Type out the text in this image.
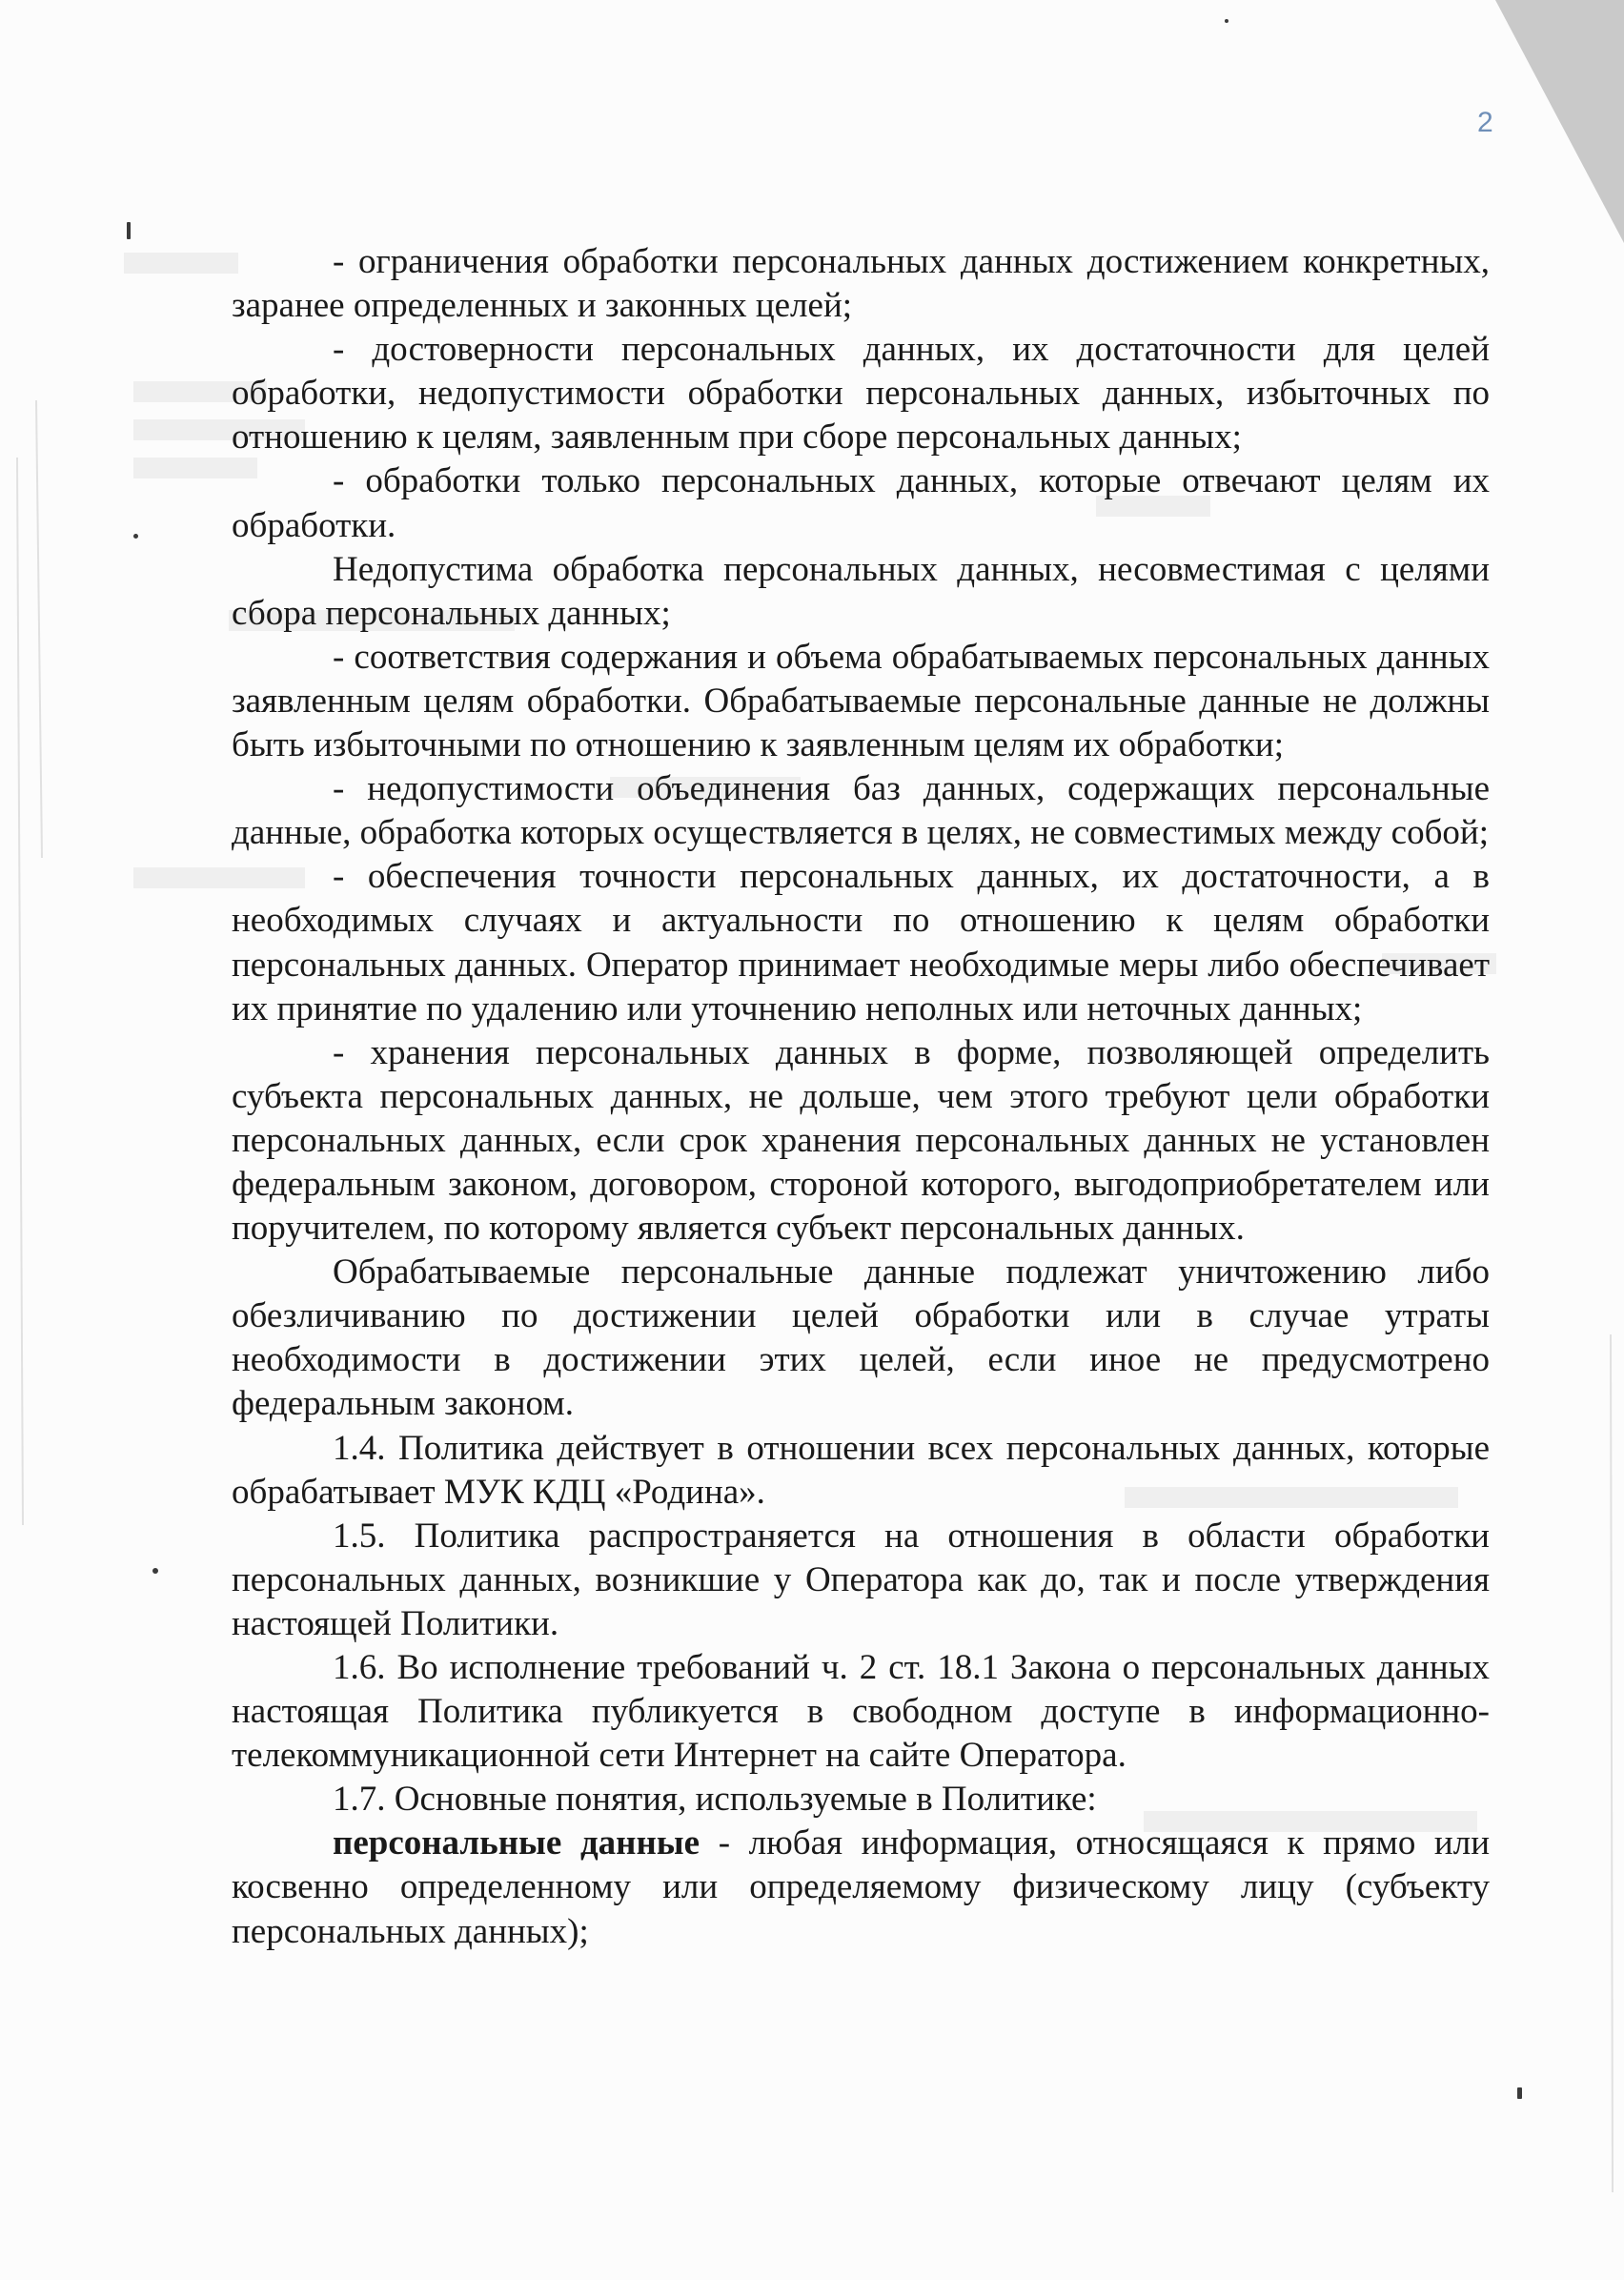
2

- ограничения обработки персональных данных достижением конкретных, заранее определенных и законных целей;

- достоверности персональных данных, их достаточности для целей обработки, недопустимости обработки персональных данных, избыточных по отношению к целям, заявленным при сборе персональных данных;

- обработки только персональных данных, которые отвечают целям их обработки.

Недопустима обработка персональных данных, несовместимая с целями сбора персональных данных;

- соответствия содержания и объема обрабатываемых персональных данных заявленным целям обработки. Обрабатываемые персональные данные не должны быть избыточными по отношению к заявленным целям их обработки;

- недопустимости объединения баз данных, содержащих персональные данные, обработка которых осуществляется в целях, не совместимых между собой;

- обеспечения точности персональных данных, их достаточности, а в необходимых случаях и актуальности по отношению к целям обработки персональных данных. Оператор принимает необходимые меры либо обеспечивает их принятие по удалению или уточнению неполных или неточных данных;

- хранения персональных данных в форме, позволяющей определить субъекта персональных данных, не дольше, чем этого требуют цели обработки персональных данных, если срок хранения персональных данных не установлен федеральным законом, договором, стороной которого, выгодоприобретателем или поручителем, по которому является субъект персональных данных.

Обрабатываемые персональные данные подлежат уничтожению либо обезличиванию по достижении целей обработки или в случае утраты необходимости в достижении этих целей, если иное не предусмотрено федеральным законом.

1.4. Политика действует в отношении всех персональных данных, которые обрабатывает МУК КДЦ «Родина».

1.5. Политика распространяется на отношения в области обработки персональных данных, возникшие у Оператора как до, так и после утверждения настоящей Политики.

1.6. Во исполнение требований ч. 2 ст. 18.1 Закона о персональных данных настоящая Политика публикуется в свободном доступе в информационно-телекоммуникационной сети Интернет на сайте Оператора.

1.7. Основные понятия, используемые в Политике:

персональные данные - любая информация, относящаяся к прямо или косвенно определенному или определяемому физическому лицу (субъекту персональных данных);
